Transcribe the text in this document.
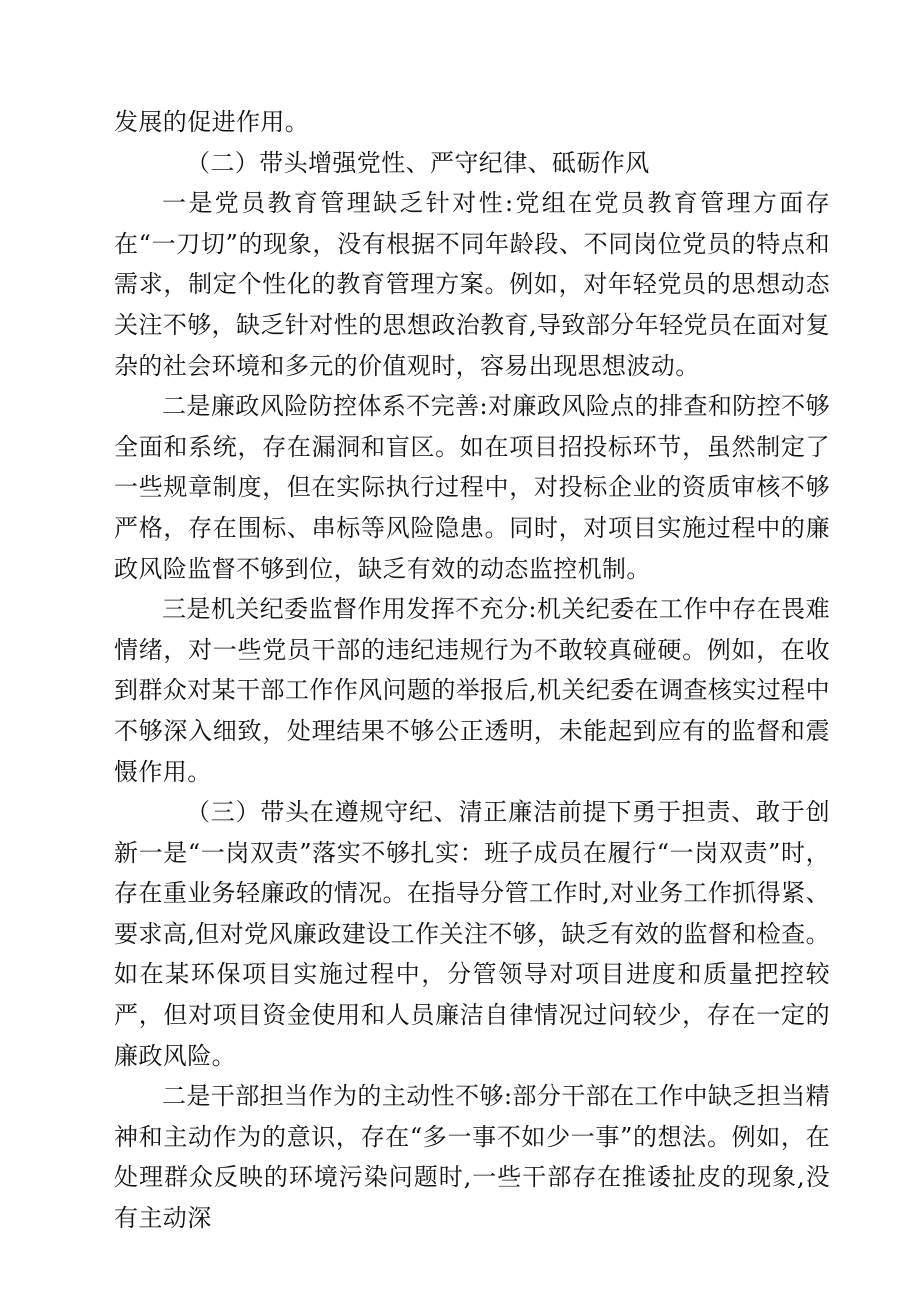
发展的促进作用。

（二）带头增强党性、严守纪律、砥砺作风

一是党员教育管理缺乏针对性:党组在党员教育管理方面存在“一刀切”的现象，没有根据不同年龄段、不同岗位党员的特点和需求，制定个性化的教育管理方案。例如，对年轻党员的思想动态关注不够，缺乏针对性的思想政治教育,导致部分年轻党员在面对复杂的社会环境和多元的价值观时，容易出现思想波动。

二是廉政风险防控体系不完善:对廉政风险点的排查和防控不够全面和系统，存在漏洞和盲区。如在项目招投标环节，虽然制定了一些规章制度，但在实际执行过程中，对投标企业的资质审核不够严格，存在围标、串标等风险隐患。同时，对项目实施过程中的廉政风险监督不够到位，缺乏有效的动态监控机制。

三是机关纪委监督作用发挥不充分:机关纪委在工作中存在畏难情绪，对一些党员干部的违纪违规行为不敢较真碰硬。例如，在收到群众对某干部工作作风问题的举报后,机关纪委在调查核实过程中不够深入细致，处理结果不够公正透明，未能起到应有的监督和震慑作用。

（三）带头在遵规守纪、清正廉洁前提下勇于担责、敢于创新一是“一岗双责”落实不够扎实：班子成员在履行“一岗双责”时，存在重业务轻廉政的情况。在指导分管工作时,对业务工作抓得紧、要求高,但对党风廉政建设工作关注不够，缺乏有效的监督和检查。如在某环保项目实施过程中，分管领导对项目进度和质量把控较严，但对项目资金使用和人员廉洁自律情况过问较少，存在一定的廉政风险。

二是干部担当作为的主动性不够:部分干部在工作中缺乏担当精神和主动作为的意识，存在“多一事不如少一事”的想法。例如，在处理群众反映的环境污染问题时,一些干部存在推诿扯皮的现象,没有主动深
